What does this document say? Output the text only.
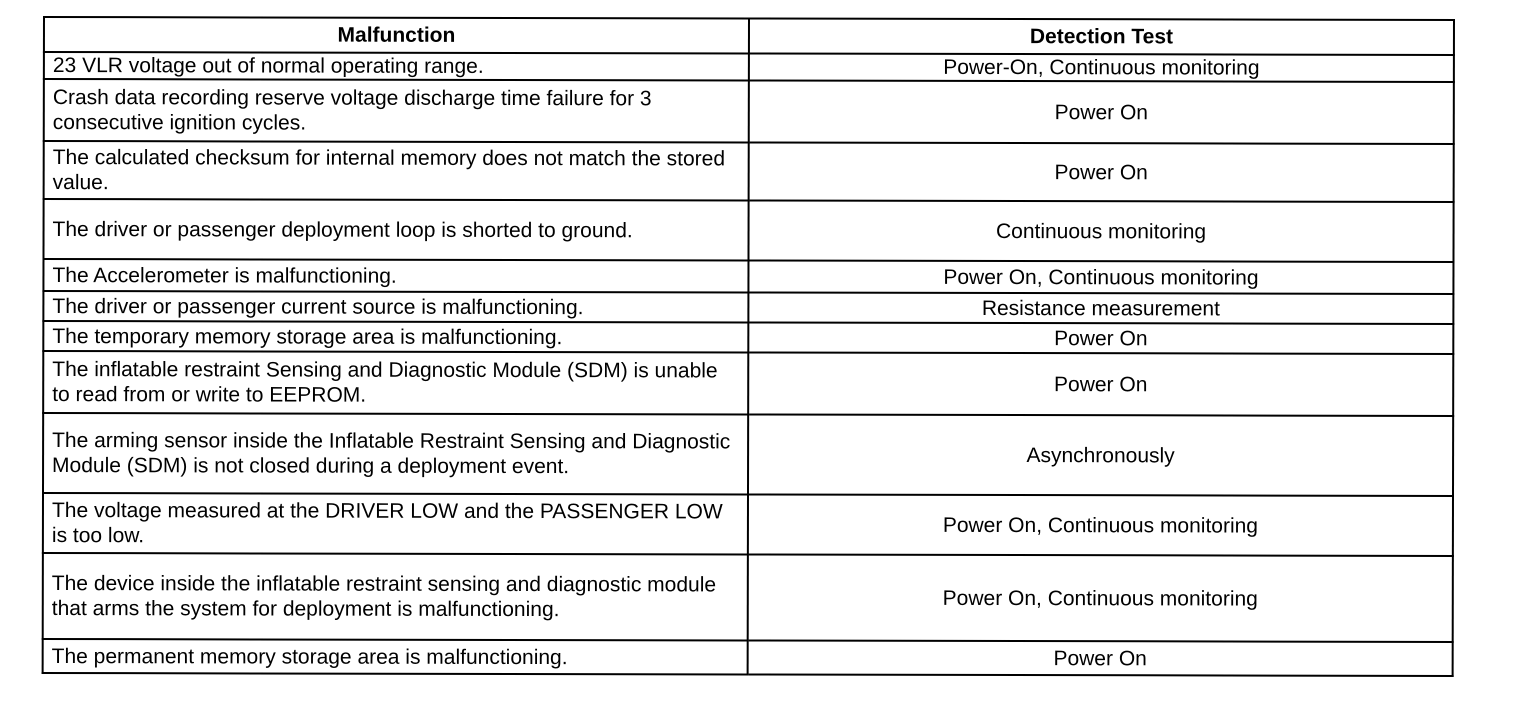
Malfunction	Detection Test
23 VLR voltage out of normal operating range.	Power-On, Continuous monitoring
Crash data recording reserve voltage discharge time failure for 3 consecutive ignition cycles.	Power On
The calculated checksum for internal memory does not match the stored value.	Power On
The driver or passenger deployment loop is shorted to ground.	Continuous monitoring
The Accelerometer is malfunctioning.	Power On, Continuous monitoring
The driver or passenger current source is malfunctioning.	Resistance measurement
The temporary memory storage area is malfunctioning.	Power On
The inflatable restraint Sensing and Diagnostic Module (SDM) is unable to read from or write to EEPROM.	Power On
The arming sensor inside the Inflatable Restraint Sensing and Diagnostic Module (SDM) is not closed during a deployment event.	Asynchronously
The voltage measured at the DRIVER LOW and the PASSENGER LOW is too low.	Power On, Continuous monitoring
The device inside the inflatable restraint sensing and diagnostic module that arms the system for deployment is malfunctioning.	Power On, Continuous monitoring
The permanent memory storage area is malfunctioning.	Power On
